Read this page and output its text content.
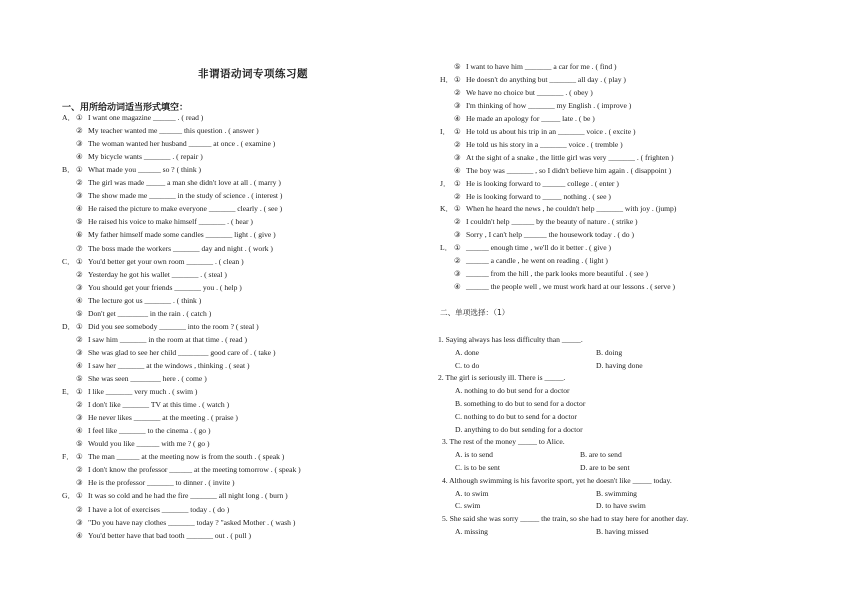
非谓语动词专项练习题
一、用所给动词适当形式填空：
A．① I want one magazine ______ . ( read )
② My teacher wanted me ______ this question . ( answer )
③ The woman wanted her husband ______ at once . ( examine )
④ My bicycle wants _______ . ( repair )
B．① What made you ______ so ? ( think )
② The girl was made _____ a man she didn't love at all . ( marry )
③ The show made me _______ in the study of science . ( interest )
④ He raised the picture to make everyone _______ clearly . ( see )
⑤ He raised his voice to make himself _______ . ( hear )
⑥ My father himself made some candles _______ light . ( give )
⑦ The boss made the workers _______ day and night . ( work )
C．① You'd better get your own room _______ . ( clean )
② Yesterday he got his wallet _______ . ( steal )
③ You should get your friends _______ you . ( help )
④ The lecture got us _______ . ( think )
⑤ Don't get ________ in the rain . ( catch )
D．① Did you see somebody _______ into the room ? ( steal )
② I saw him _______ in the room at that time . ( read )
③ She was glad to see her child ________ good care of . ( take )
④ I saw her _______ at the windows , thinking . ( seat )
⑤ She was seen ________ here . ( come )
E． ① I like _______ very much . ( swim )
② I don't like _______ TV at this time . ( watch )
③ He never likes _______ at the meeting . ( praise )
④ I feel like _______ to the cinema . ( go )
⑤ Would you like ______ with me ? ( go )
F． ① The man ______ at the meeting now is from the south . ( speak )
② I don't know the professor ______ at the meeting tomorrow . ( speak )
③ He is the professor _______ to dinner . ( invite )
G．① It was so cold and he had the fire _______ all night long . ( burn )
② I have a lot of exercises _______ today . ( do )
③ "Do you have nay clothes _______ today ? "asked Mother . ( wash )
④ You'd better have that bad tooth _______ out . ( pull )
⑤ I want to have him _______ a car for me . ( find )
H．① He doesn't do anything but _______ all day . ( play )
② We have no choice but _______ . ( obey )
③ I'm thinking of how _______ my English . ( improve )
④ He made an apology for _____ late . ( be )
I． ① He told us about his trip in an _______ voice . ( excite )
② He told us his story in a _______ voice . ( tremble )
③ At the sight of a snake , the little girl was very _______ . ( frighten )
④ The boy was _______ , so I didn't believe him again . ( disappoint )
J． ① He is looking forward to ______ college . ( enter )
② He is looking forward to _____ nothing . ( see )
K．① When he heard the news , he couldn't help _______ with joy . (jump)
② I couldn't help ______ by the beauty of nature . ( strike )
③ Sorry , I can't help ______ the housework today . ( do )
L． ① ______ enough time , we'll do it better . ( give )
② ______ a candle , he went on reading . ( light )
③ ______ from the hill , the park looks more beautiful . ( see )
④ ______ the people well , we must work hard at our lessons . ( serve )
二、单项选择：（1）
1. Saying always has less difficulty than _____.
A. done	B. doing
C. to do	D. having done
2. The girl is seriously ill. There is _____.
A. nothing to do but send for a doctor
B. something to do but to send for a doctor
C. nothing to do but to send for a doctor
D. anything to do but sending for a doctor
3. The rest of the money _____ to Alice.
A. is to send	B. are to send
C. is to be sent	D. are to be sent
4. Although swimming is his favorite sport, yet he doesn't like _____ today.
A. to swim	B. swimming
C. swim	D. to have swim
5. She said she was sorry _____ the train, so she had to stay here for another day.
A. missing	B. having missed
